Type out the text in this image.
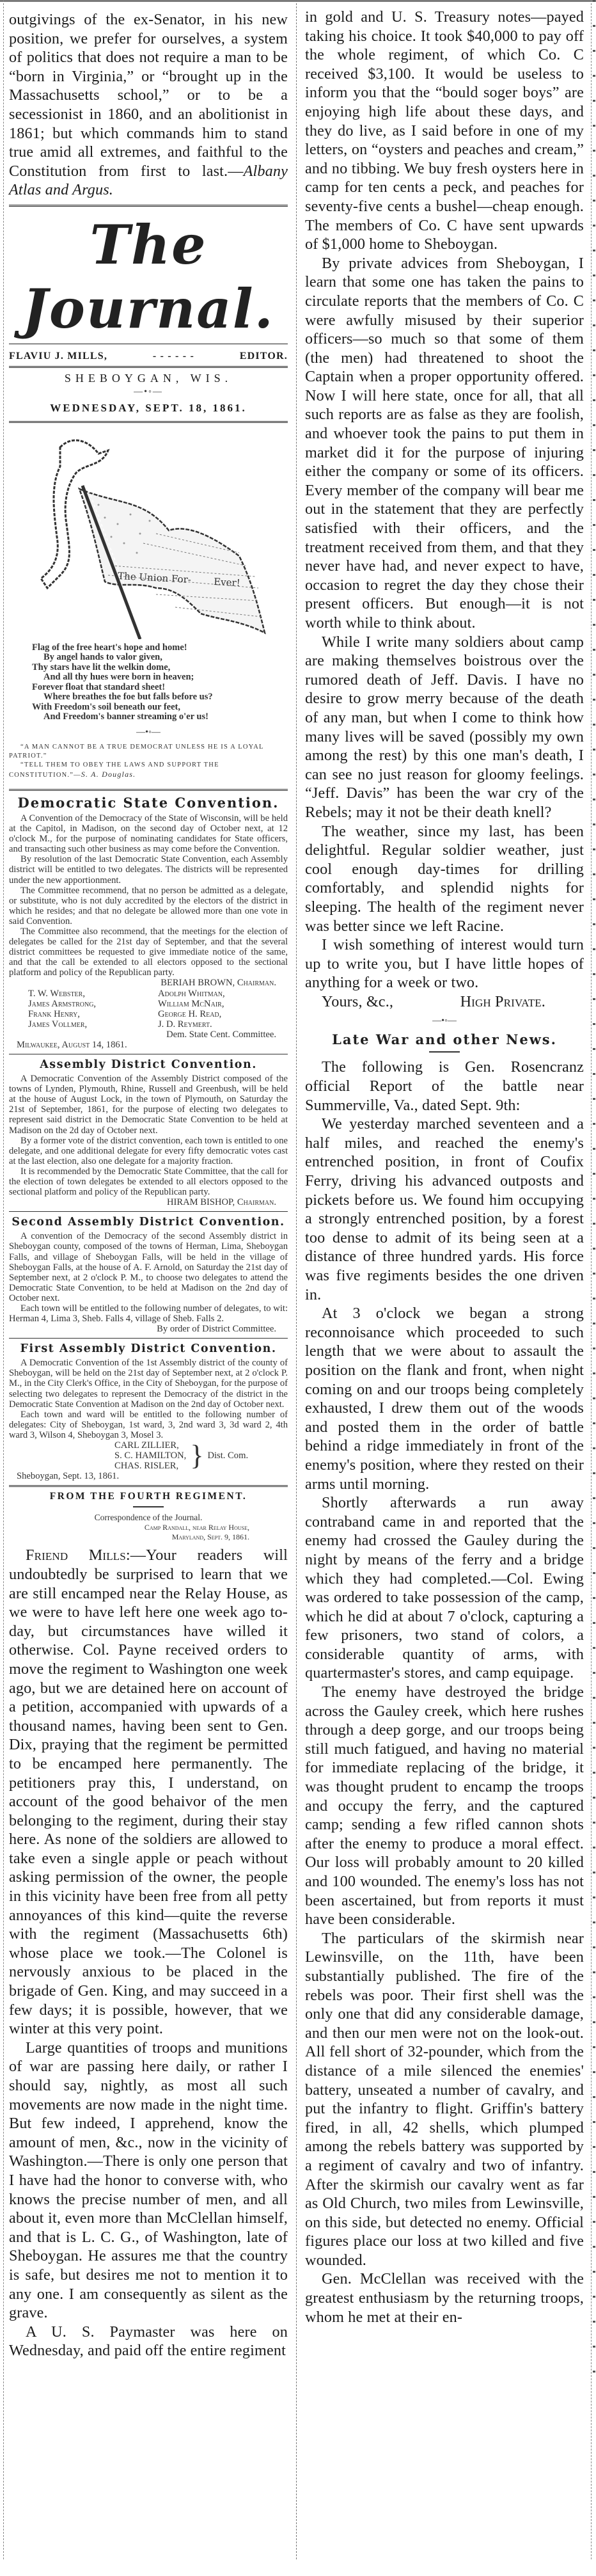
outgivings of the ex-Senator, in his new position, we prefer for ourselves, a system of politics that does not require a man to be “born in Virginia,” or “brought up in the Massachusetts school,” or to be a secessionist in 1860, and an abolitionist in 1861; but which commands him to stand true amid all extremes, and faithful to the Constitution from first to last.—Albany Atlas and Argus.

The Journal.
FLAVIU J. MILLS,	- - - - - -	EDITOR.
SHEBOYGAN, WIS.
—•◦—
WEDNESDAY, SEPT. 18, 1861.
The Union For- Ever!
Flag of the free heart's hope and home!
By angel hands to valor given,
Thy stars have lit the welkin dome,
And all thy hues were born in heaven;
Forever float that standard sheet!
Where breathes the foe but falls before us?
With Freedom's soil beneath our feet,
And Freedom's banner streaming o'er us!
—•◦—
“A MAN CANNOT BE A TRUE DEMOCRAT UNLESS HE IS A LOYAL PATRIOT.”
“TELL THEM TO OBEY THE LAWS AND SUPPORT THE CONSTITUTION.”—S. A. Douglas.
Democratic State Convention.

A Convention of the Democracy of the State of Wisconsin, will be held at the Capitol, in Madison, on the second day of October next, at 12 o'clock M., for the purpose of nominating candidates for State officers, and transacting such other business as may come before the Convention.

By resolution of the last Democratic State Convention, each Assembly district will be entitled to two delegates. The districts will be represented under the new apportionment.

The Committee recommend, that no person be admitted as a delegate, or substitute, who is not duly accredited by the electors of the district in which he resides; and that no delegate be allowed more than one vote in said Convention.

The Committee also recommend, that the meetings for the election of delegates be called for the 21st day of September, and that the several district committees be requested to give immediate notice of the same, and that the call be extended to all electors opposed to the sectional platform and policy of the Republican party.

BERIAH BROWN, Chairman.
T. W. Webster,	Adolph Whitman,
James Armstrong,	William McNair,
Frank Henry,	George H. Read,
James Vollmer,	J. D. Reymert.
Dem. State Cent. Committee.

Milwaukee, August 14, 1861.

Assembly District Convention.

A Democratic Convention of the Assembly District composed of the towns of Lynden, Plymouth, Rhine, Russell and Greenbush, will be held at the house of August Lock, in the town of Plymouth, on Saturday the 21st of September, 1861, for the purpose of electing two delegates to represent said district in the Democratic State Convention to be held at Madison on the 2d day of October next.

By a former vote of the district convention, each town is entitled to one delegate, and one additional delegate for every fifty democratic votes cast at the last election, also one delegate for a majority fraction.

It is recommended by the Democratic State Committee, that the call for the election of town delegates be extended to all electors opposed to the sectional platform and policy of the Republican party.

HIRAM BISHOP, Chairman.
Second Assembly District Convention.

A convention of the Democracy of the second Assembly district in Sheboygan county, composed of the towns of Herman, Lima, Sheboygan Falls, and village of Sheboygan Falls, will be held in the village of Sheboygan Falls, at the house of A. F. Arnold, on Saturday the 21st day of September next, at 2 o'clock P. M., to choose two delegates to attend the Democratic State Convention, to be held at Madison on the 2nd day of October next.

Each town will be entitled to the following number of delegates, to wit: Herman 4, Lima 3, Sheb. Falls 4, village of Sheb. Falls 2.

By order of District Committee.
First Assembly District Convention.

A Democratic Convention of the 1st Assembly district of the county of Sheboygan, will be held on the 21st day of September next, at 2 o'clock P. M., in the City Clerk's Office, in the City of Sheboygan, for the purpose of selecting two delegates to represent the Democracy of the district in the Democratic State Convention at Madison on the 2nd day of October next.

Each town and ward will be entitled to the following number of delegates: City of Sheboygan, 1st ward, 3, 2nd ward 3, 3d ward 2, 4th ward 3, Wilson 4, Sheboygan 3, Mosel 3.

CARL ZILLIER,
S. C. HAMILTON,
CHAS. RISLER, } Dist. Com.

Sheboygan, Sept. 13, 1861.

FROM THE FOURTH REGIMENT.
Correspondence of the Journal.
Camp Randall, near Relay House,
Maryland, Sept. 9, 1861.

Friend Mills:—Your readers will undoubtedly be surprised to learn that we are still encamped near the Relay House, as we were to have left here one week ago to-day, but circumstances have willed it otherwise. Col. Payne received orders to move the regiment to Washington one week ago, but we are detained here on account of a petition, accompanied with upwards of a thousand names, having been sent to Gen. Dix, praying that the regiment be permitted to be encamped here permanently. The petitioners pray this, I understand, on account of the good behaivor of the men belonging to the regiment, during their stay here. As none of the soldiers are allowed to take even a single apple or peach without asking permission of the owner, the people in this vicinity have been free from all petty annoyances of this kind—quite the reverse with the regiment (Massachusetts 6th) whose place we took.—The Colonel is nervously anxious to be placed in the brigade of Gen. King, and may succeed in a few days; it is possible, however, that we winter at this very point.

Large quantities of troops and munitions of war are passing here daily, or rather I should say, nightly, as most all such movements are now made in the night time. But few indeed, I apprehend, know the amount of men, &c., now in the vicinity of Washington.—There is only one person that I have had the honor to converse with, who knows the precise number of men, and all about it, even more than McClellan himself, and that is L. C. G., of Washington, late of Sheboygan. He assures me that the country is safe, but desires me not to mention it to any one. I am consequently as silent as the grave.

A U. S. Paymaster was here on Wednesday, and paid off the entire regiment

in gold and U. S. Treasury notes—payed taking his choice. It took $40,000 to pay off the whole regiment, of which Co. C received $3,100. It would be useless to inform you that the “bould soger boys” are enjoying high life about these days, and they do live, as I said before in one of my letters, on “oysters and peaches and cream,” and no tibbing. We buy fresh oysters here in camp for ten cents a peck, and peaches for seventy-five cents a bushel—cheap enough. The members of Co. C have sent upwards of $1,000 home to Sheboygan.

By private advices from Sheboygan, I learn that some one has taken the pains to circulate reports that the members of Co. C were awfully misused by their superior officers—so much so that some of them (the men) had threatened to shoot the Captain when a proper opportunity offered. Now I will here state, once for all, that all such reports are as false as they are foolish, and whoever took the pains to put them in market did it for the purpose of injuring either the company or some of its officers. Every member of the company will bear me out in the statement that they are perfectly satisfied with their officers, and the treatment received from them, and that they never have had, and never expect to have, occasion to regret the day they chose their present officers. But enough—it is not worth while to think about.

While I write many soldiers about camp are making themselves boistrous over the rumored death of Jeff. Davis. I have no desire to grow merry because of the death of any man, but when I come to think how many lives will be saved (possibly my own among the rest) by this one man's death, I can see no just reason for gloomy feelings. “Jeff. Davis” has been the war cry of the Rebels; may it not be their death knell?

The weather, since my last, has been delightful. Regular soldier weather, just cool enough day-times for drilling comfortably, and splendid nights for sleeping. The health of the regiment never was better since we left Racine.

I wish something of interest would turn up to write you, but I have little hopes of anything for a week or two.

Yours, &c.,	High Private.
—•◦—
Late War and other News.

The following is Gen. Rosencranz official Report of the battle near Summerville, Va., dated Sept. 9th:

We yesterday marched seventeen and a half miles, and reached the enemy's entrenched position, in front of Coufix Ferry, driving his advanced outposts and pickets before us. We found him occupying a strongly entrenched position, by a forest too dense to admit of its being seen at a distance of three hundred yards. His force was five regiments besides the one driven in.

At 3 o'clock we began a strong reconnoisance which proceeded to such length that we were about to assault the position on the flank and front, when night coming on and our troops being completely exhausted, I drew them out of the woods and posted them in the order of battle behind a ridge immediately in front of the enemy's position, where they rested on their arms until morning.

Shortly afterwards a run away contraband came in and reported that the enemy had crossed the Gauley during the night by means of the ferry and a bridge which they had completed.—Col. Ewing was ordered to take possession of the camp, which he did at about 7 o'clock, capturing a few prisoners, two stand of colors, a considerable quantity of arms, with quartermaster's stores, and camp equipage.

The enemy have destroyed the bridge across the Gauley creek, which here rushes through a deep gorge, and our troops being still much fatigued, and having no material for immediate replacing of the bridge, it was thought prudent to encamp the troops and occupy the ferry, and the captured camp; sending a few rifled cannon shots after the enemy to produce a moral effect. Our loss will probably amount to 20 killed and 100 wounded. The enemy's loss has not been ascertained, but from reports it must have been considerable.

The particulars of the skirmish near Lewinsville, on the 11th, have been substantially published. The fire of the rebels was poor. Their first shell was the only one that did any considerable damage, and then our men were not on the look-out. All fell short of 32-pounder, which from the distance of a mile silenced the enemies' battery, unseated a number of cavalry, and put the infantry to flight. Griffin's battery fired, in all, 42 shells, which plumped among the rebels battery was supported by a regiment of cavalry and two of infantry. After the skirmish our cavalry went as far as Old Church, two miles from Lewinsville, on this side, but detected no enemy. Official figures place our loss at two killed and five wounded.

Gen. McClellan was received with the greatest enthusiasm by the returning troops, whom he met at their en-
